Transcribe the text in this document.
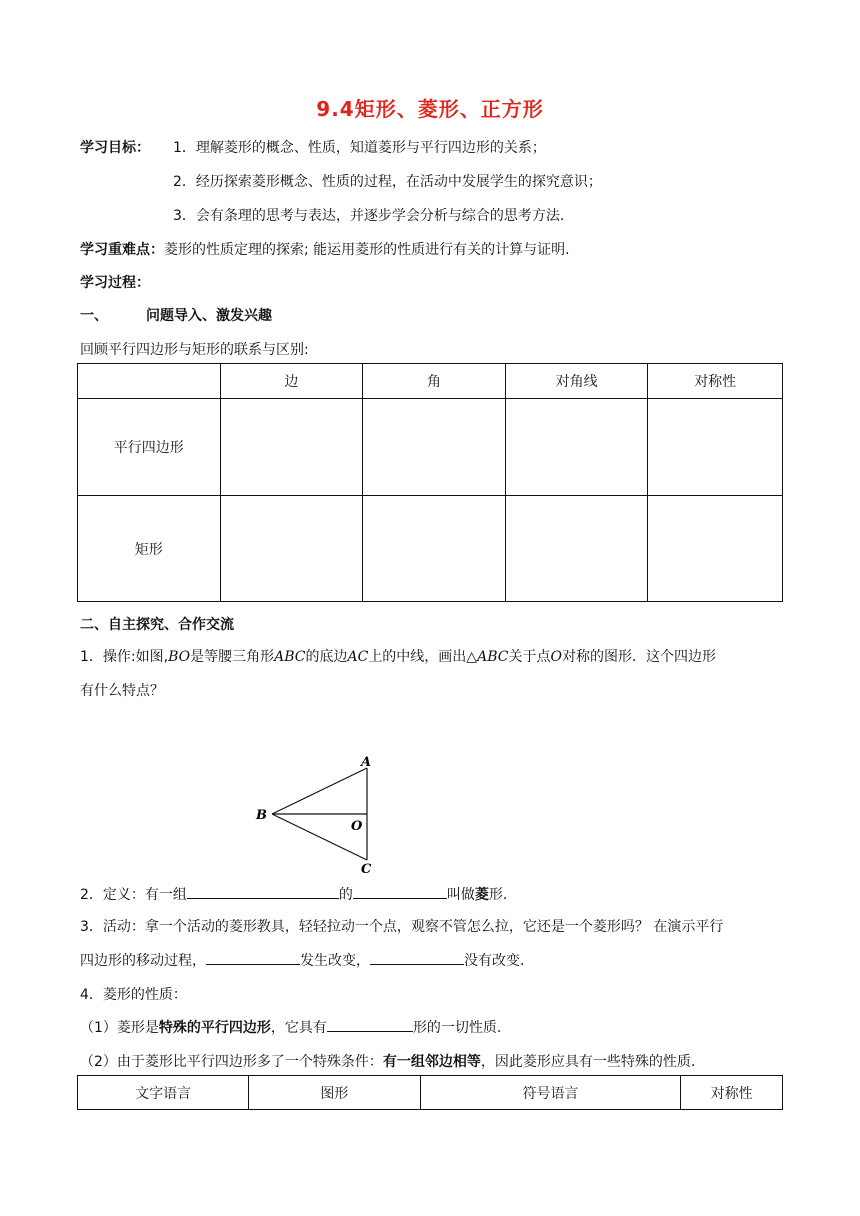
9.4矩形、菱形、正方形
学习目标： 1．理解菱形的概念、性质，知道菱形与平行四边形的关系；
2．经历探索菱形概念、性质的过程，在活动中发展学生的探究意识；
3．会有条理的思考与表达，并逐步学会分析与综合的思考方法.
学习重难点：菱形的性质定理的探索; 能运用菱形的性质进行有关的计算与证明.
学习过程：
一、	问题导入、激发兴趣
回顾平行四边形与矩形的联系与区别:
	边	角	对角线	对称性
平行四边形				
矩形				
二、自主探究、合作交流
1．操作:如图,BO是等腰三角形ABC的底边AC上的中线，画出△ABC关于点O对称的图形．这个四边形
有什么特点？
A
B
O
C
2．定义：有一组	的	叫做菱形.
3．活动：拿一个活动的菱形教具，轻轻拉动一个点，观察不管怎么拉，它还是一个菱形吗？ 在演示平行
四边形的移动过程，	发生改变，	没有改变.
4．菱形的性质：
（1）菱形是特殊的平行四边形，它具有	形的一切性质.
（2）由于菱形比平行四边形多了一个特殊条件：有一组邻边相等，因此菱形应具有一些特殊的性质.
文字语言	图形	符号语言	对称性
